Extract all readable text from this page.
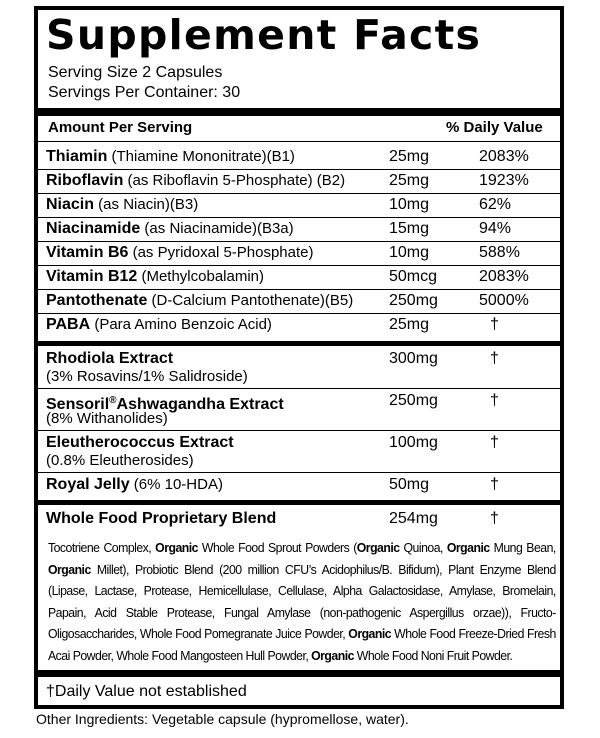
Supplement Facts
Serving Size 2 Capsules
Servings Per Container: 30
Amount Per Serving	% Daily Value
Thiamin (Thiamine Mononitrate)(B1)	25mg	2083%
Riboflavin (as Riboflavin 5-Phosphate) (B2)	25mg	1923%
Niacin (as Niacin)(B3)	10mg	62%
Niacinamide (as Niacinamide)(B3a)	15mg	94%
Vitamin B6 (as Pyridoxal 5-Phosphate)	10mg	588%
Vitamin B12 (Methylcobalamin)	50mcg	2083%
Pantothenate (D-Calcium Pantothenate)(B5) 250mg	5000%
PABA (Para Amino Benzoic Acid)	25mg	†
Rhodiola Extract
(3% Rosavins/1% Salidroside)
300mg	†
Sensoril®Ashwagandha Extract
(8% Withanolides)
250mg	†
Eleutherococcus Extract
(0.8% Eleutherosides)
100mg	†
Royal Jelly (6% 10-HDA)	50mg	†
Whole Food Proprietary Blend	254mg	†
Tocotriene Complex, Organic Whole Food Sprout Powders (Organic Quinoa, Organic Mung Bean, Organic Millet), Probiotic Blend (200 million CFU’s Acidophilus/B. Bifidum), Plant Enzyme Blend (Lipase, Lactase, Protease, Hemicellulase, Cellulase, Alpha Galactosidase, Amylase, Bromelain, Papain, Acid Stable Protease, Fungal Amylase (non-pathogenic Aspergillus orzae)), Fructo-Oligosaccharides, Whole Food Pomegranate Juice Powder, Organic Whole Food Freeze-Dried Fresh Acai Powder, Whole Food Mangosteen Hull Powder, Organic Whole Food Noni Fruit Powder.
†Daily Value not established
Other Ingredients: Vegetable capsule (hypromellose, water).
